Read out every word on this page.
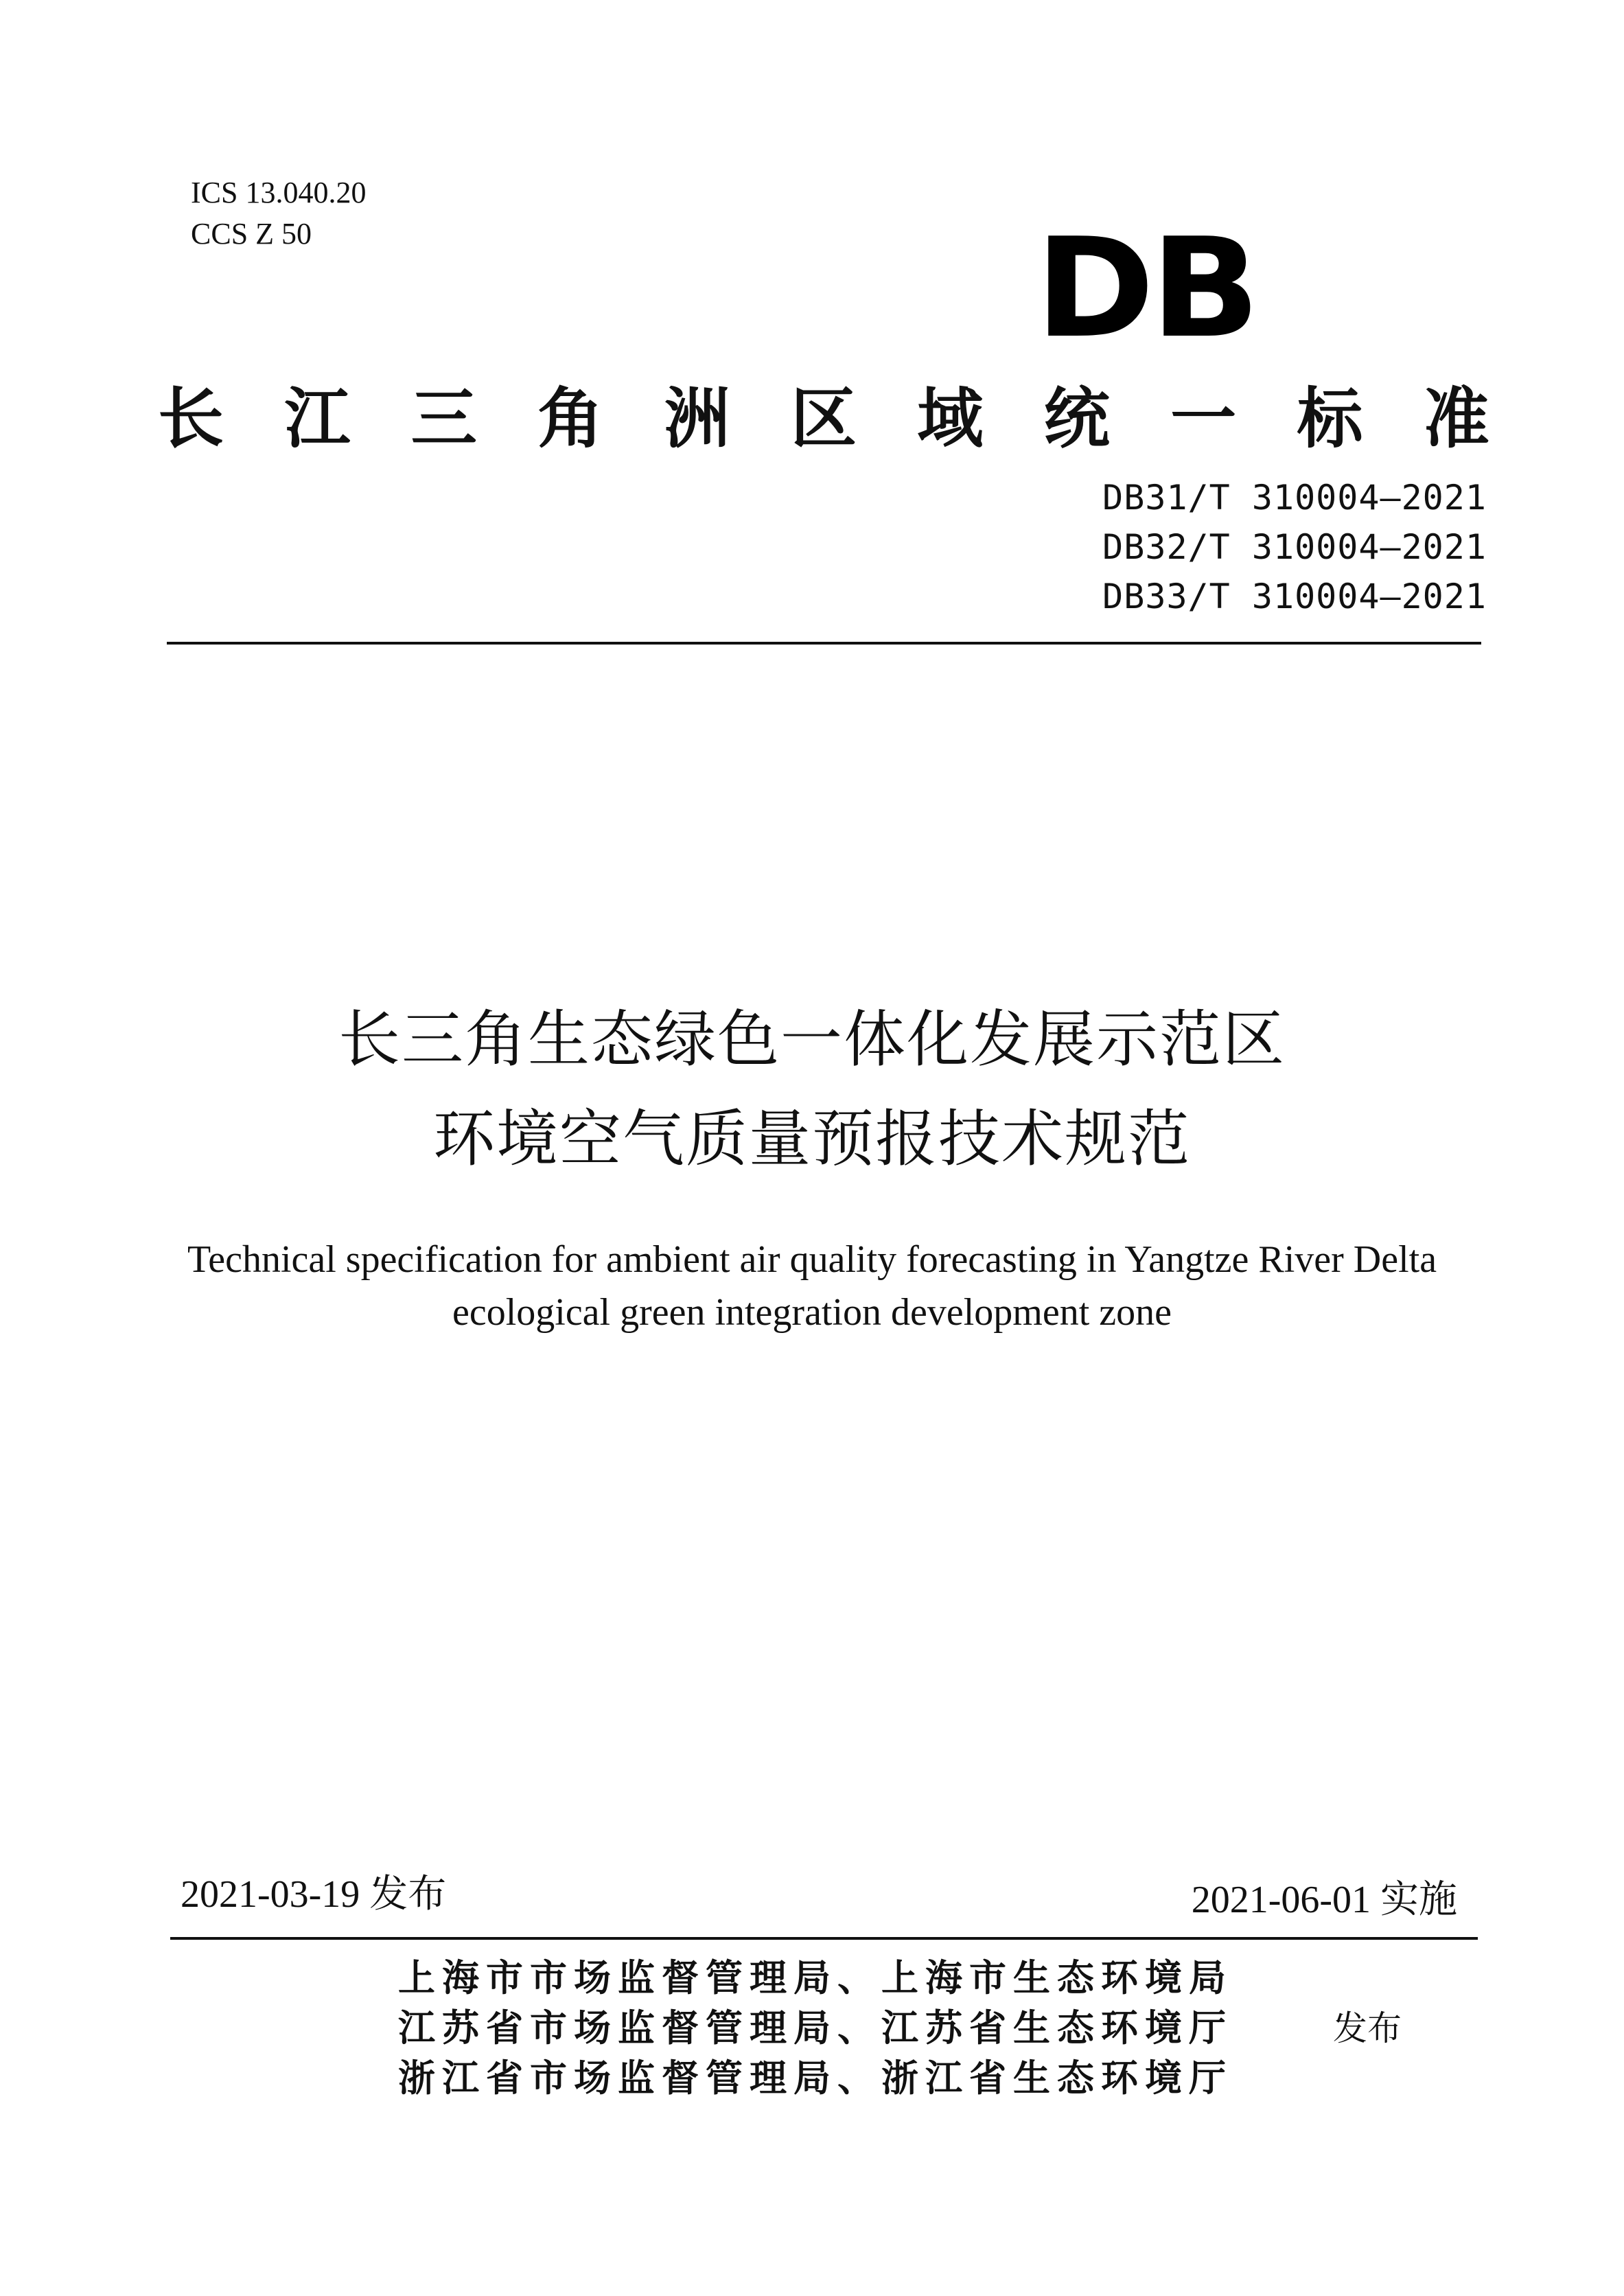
ICS 13.040.20
CCS Z 50	DB
长 江 三 角 洲 区 域 统 一 标 准
DB31/T 310004—2021
DB32/T 310004—2021
DB33/T 310004—2021
长三角生态绿色一体化发展示范区
环境空气质量预报技术规范
Technical specification for ambient air quality forecasting in Yangtze River Delta
ecological green integration development zone
2021-03-19 发布	2021-06-01 实施
上海市市场监督管理局、上海市生态环境局
江苏省市场监督管理局、江苏省生态环境厅
浙江省市场监督管理局、浙江省生态环境厅
发布
